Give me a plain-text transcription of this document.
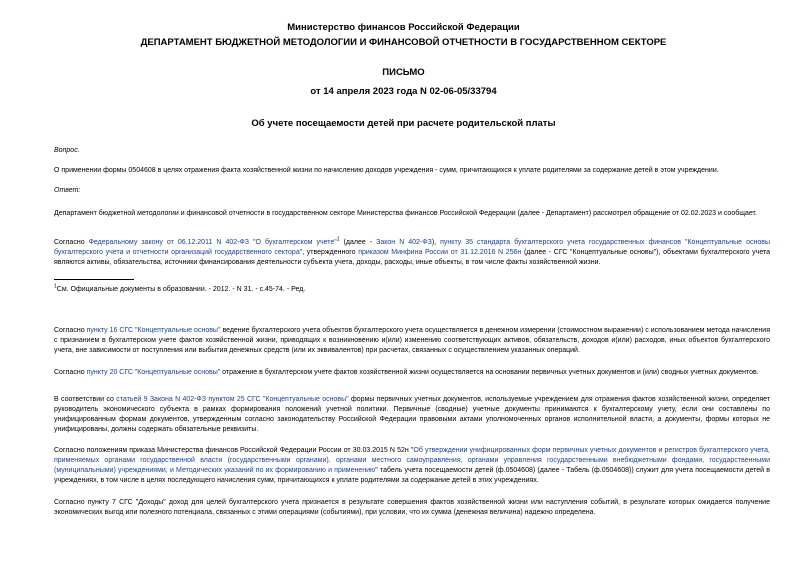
Министерство финансов Российской Федерации
ДЕПАРТАМЕНТ БЮДЖЕТНОЙ МЕТОДОЛОГИИ И ФИНАНСОВОЙ ОТЧЕТНОСТИ В ГОСУДАРСТВЕННОМ СЕКТОРЕ
ПИСЬМО
от 14 апреля 2023 года N 02-06-05/33794
Об учете посещаемости детей при расчете родительской платы
Вопрос.
О применении формы 0504608 в целях отражения факта хозяйственной жизни по начислению доходов учреждения - сумм, причитающихся к уплате родителями за содержание детей в этом учреждении.
Ответ:
Департамент бюджетной методологии и финансовой отчетности в государственном секторе Министерства финансов Российской Федерации (далее - Департамент) рассмотрел обращение от 02.02.2023 и сообщает.
Согласно Федеральному закону от 06.12.2011 N 402-ФЗ "О бухгалтерском учете"$^1$ (далее - Закон N 402-ФЗ), пункту 35 стандарта бухгалтерского учета государственных финансов "Концептуальные основы бухгалтерского учета и отчетности организаций государственного сектора", утвержденного приказом Минфина России от 31.12.2016 N 256н (далее - СГС "Концептуальные основы"), объектами бухгалтерского учета являются активы, обязательства, источники финансирования деятельности субъекта учета, доходы, расходы, иные объекты, в том числе факты хозяйственной жизни.
$^1$См. Официальные документы в образовании. - 2012. - N 31. - с.45-74. - Ред.
Согласно пункту 16 СГС "Концептуальные основы" ведение бухгалтерского учета объектов бухгалтерского учета осуществляется в денежном измерении (стоимостном выражении) с использованием метода начисления с признанием в бухгалтерском учете фактов хозяйственной жизни, приводящих к возникновению и(или) изменению соответствующих активов, обязательств, доходов и(или) расходов, иных объектов бухгалтерского учета, вне зависимости от поступления или выбытия денежных средств (или их эквивалентов) при расчетах, связанных с осуществлением указанных операций.
Согласно пункту 20 СГС "Концептуальные основы" отражение в бухгалтерском учете фактов хозяйственной жизни осуществляется на основании первичных учетных документов и (или) сводных учетных документов.
В соответствии со статьей 9 Закона N 402-ФЗ пунктом 25 СГС "Концептуальные основы" формы первичных учетных документов, используемые учреждением для отражения фактов хозяйственной жизни, определяет руководитель экономического субъекта в рамках формирования положений учетной политики. Первичные (сводные) учетные документы принимаются к бухгалтерскому учету, если они составлены по унифицированным формам документов, утвержденным согласно законодательству Российской Федерации правовыми актами уполномоченных органов исполнительной власти, а документы, формы которых не унифицированы, должны содержать обязательные реквизиты.
Согласно положениям приказа Министерства финансов Российской Федерации России от 30.03.2015 N 52н "Об утверждении унифицированных форм первичных учетных документов и регистров бухгалтерского учета, применяемых органами государственной власти (государственными органами), органами местного самоуправления, органами управления государственными внебюджетными фондами, государственными (муниципальными) учреждениями, и Методических указаний по их формированию и применению" табель учета посещаемости детей (ф.0504608) (далее - Табель (ф.0504608)) служит для учета посещаемости детей в учреждениях, в том числе в целях последующего начисления сумм, причитающихся к уплате родителями за содержание детей в этих учреждениях.
Согласно пункту 7 СГС "Доходы" доход для целей бухгалтерского учета признается в результате совершения фактов хозяйственной жизни или наступления событий, в результате которых ожидается получение экономических выгод или полезного потенциала, связанных с этими операциями (событиями), при условии, что их сумма (денежная величина) надежно определена.
